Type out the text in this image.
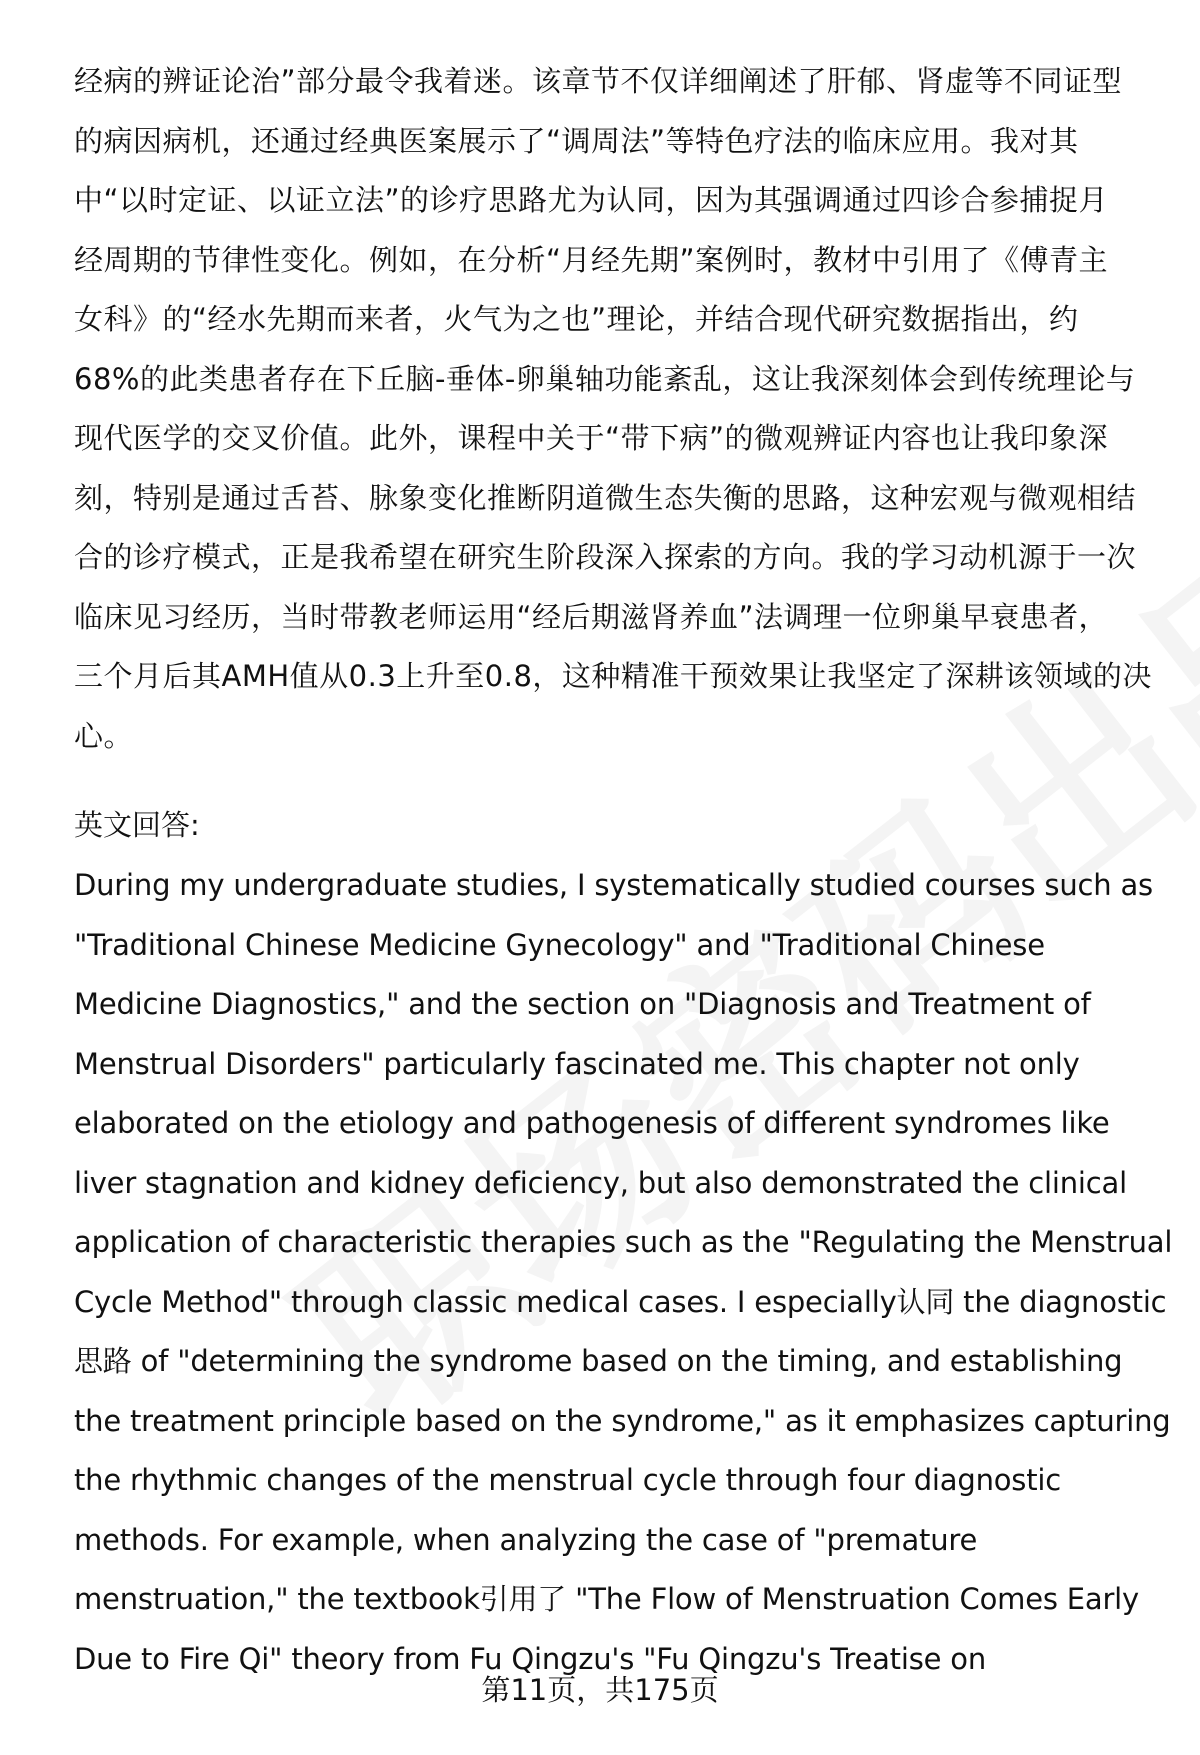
经病的辨证论治”部分最令我着迷。该章节不仅详细阐述了肝郁、肾虚等不同证型
的病因病机，还通过经典医案展示了“调周法”等特色疗法的临床应用。我对其
中“以时定证、以证立法”的诊疗思路尤为认同，因为其强调通过四诊合参捕捉月
经周期的节律性变化。例如，在分析“月经先期”案例时，教材中引用了《傅青主
女科》的“经水先期而来者，火气为之也”理论，并结合现代研究数据指出，约
68%的此类患者存在下丘脑-垂体-卵巢轴功能紊乱，这让我深刻体会到传统理论与
现代医学的交叉价值。此外，课程中关于“带下病”的微观辨证内容也让我印象深
刻，特别是通过舌苔、脉象变化推断阴道微生态失衡的思路，这种宏观与微观相结
合的诊疗模式，正是我希望在研究生阶段深入探索的方向。我的学习动机源于一次
临床见习经历，当时带教老师运用“经后期滋肾养血”法调理一位卵巢早衰患者，
三个月后其AMH值从0.3上升至0.8，这种精准干预效果让我坚定了深耕该领域的决
心。
英文回答:
During my undergraduate studies, I systematically studied courses such as
"Traditional Chinese Medicine Gynecology" and "Traditional Chinese
Medicine Diagnostics," and the section on "Diagnosis and Treatment of
Menstrual Disorders" particularly fascinated me. This chapter not only
elaborated on the etiology and pathogenesis of different syndromes like
liver stagnation and kidney deficiency, but also demonstrated the clinical
application of characteristic therapies such as the "Regulating the Menstrual
Cycle Method" through classic medical cases. I especially认同 the diagnostic
思路 of "determining the syndrome based on the timing, and establishing
the treatment principle based on the syndrome," as it emphasizes capturing
the rhythmic changes of the menstrual cycle through four diagnostic
methods. For example, when analyzing the case of "premature
menstruation," the textbook引用了 "The Flow of Menstruation Comes Early
Due to Fire Qi" theory from Fu Qingzu's "Fu Qingzu's Treatise on
第11页，共175页
